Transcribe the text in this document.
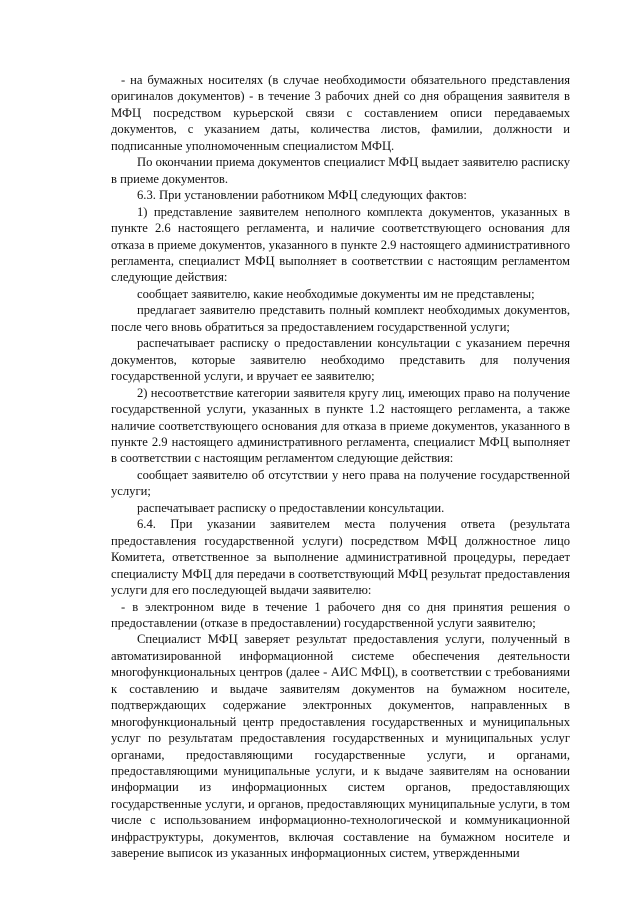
- на бумажных носителях (в случае необходимости обязательного представления оригиналов документов) - в течение 3 рабочих дней со дня обращения заявителя в МФЦ посредством курьерской связи с составлением описи передаваемых документов, с указанием даты, количества листов, фамилии, должности и подписанные уполномоченным специалистом МФЦ.

По окончании приема документов специалист МФЦ выдает заявителю расписку в приеме документов.

6.3. При установлении работником МФЦ следующих фактов:

1) представление заявителем неполного комплекта документов, указанных в пункте 2.6 настоящего регламента, и наличие соответствующего основания для отказа в приеме документов, указанного в пункте 2.9 настоящего административного регламента, специалист МФЦ выполняет в соответствии с настоящим регламентом следующие действия:

сообщает заявителю, какие необходимые документы им не представлены;

предлагает заявителю представить полный комплект необходимых документов, после чего вновь обратиться за предоставлением государственной услуги;

распечатывает расписку о предоставлении консультации с указанием перечня документов, которые заявителю необходимо представить для получения государственной услуги, и вручает ее заявителю;

2) несоответствие категории заявителя кругу лиц, имеющих право на получение государственной услуги, указанных в пункте 1.2 настоящего регламента, а также наличие соответствующего основания для отказа в приеме документов, указанного в пункте 2.9 настоящего административного регламента, специалист МФЦ выполняет в соответствии с настоящим регламентом следующие действия:

сообщает заявителю об отсутствии у него права на получение государственной услуги;

распечатывает расписку о предоставлении консультации.

6.4. При указании заявителем места получения ответа (результата предоставления государственной услуги) посредством МФЦ должностное лицо Комитета, ответственное за выполнение административной процедуры, передает специалисту МФЦ для передачи в соответствующий МФЦ результат предоставления услуги для его последующей выдачи заявителю:

- в электронном виде в течение 1 рабочего дня со дня принятия решения о предоставлении (отказе в предоставлении) государственной услуги заявителю;

Специалист МФЦ заверяет результат предоставления услуги, полученный в автоматизированной информационной системе обеспечения деятельности многофункциональных центров (далее - АИС МФЦ), в соответствии с требованиями к составлению и выдаче заявителям документов на бумажном носителе, подтверждающих содержание электронных документов, направленных в многофункциональный центр предоставления государственных и муниципальных услуг по результатам предоставления государственных и муниципальных услуг органами, предоставляющими государственные услуги, и органами, предоставляющими муниципальные услуги, и к выдаче заявителям на основании информации из информационных систем органов, предоставляющих государственные услуги, и органов, предоставляющих муниципальные услуги, в том числе с использованием информационно-технологической и коммуникационной инфраструктуры, документов, включая составление на бумажном носителе и заверение выписок из указанных информационных систем, утвержденными
